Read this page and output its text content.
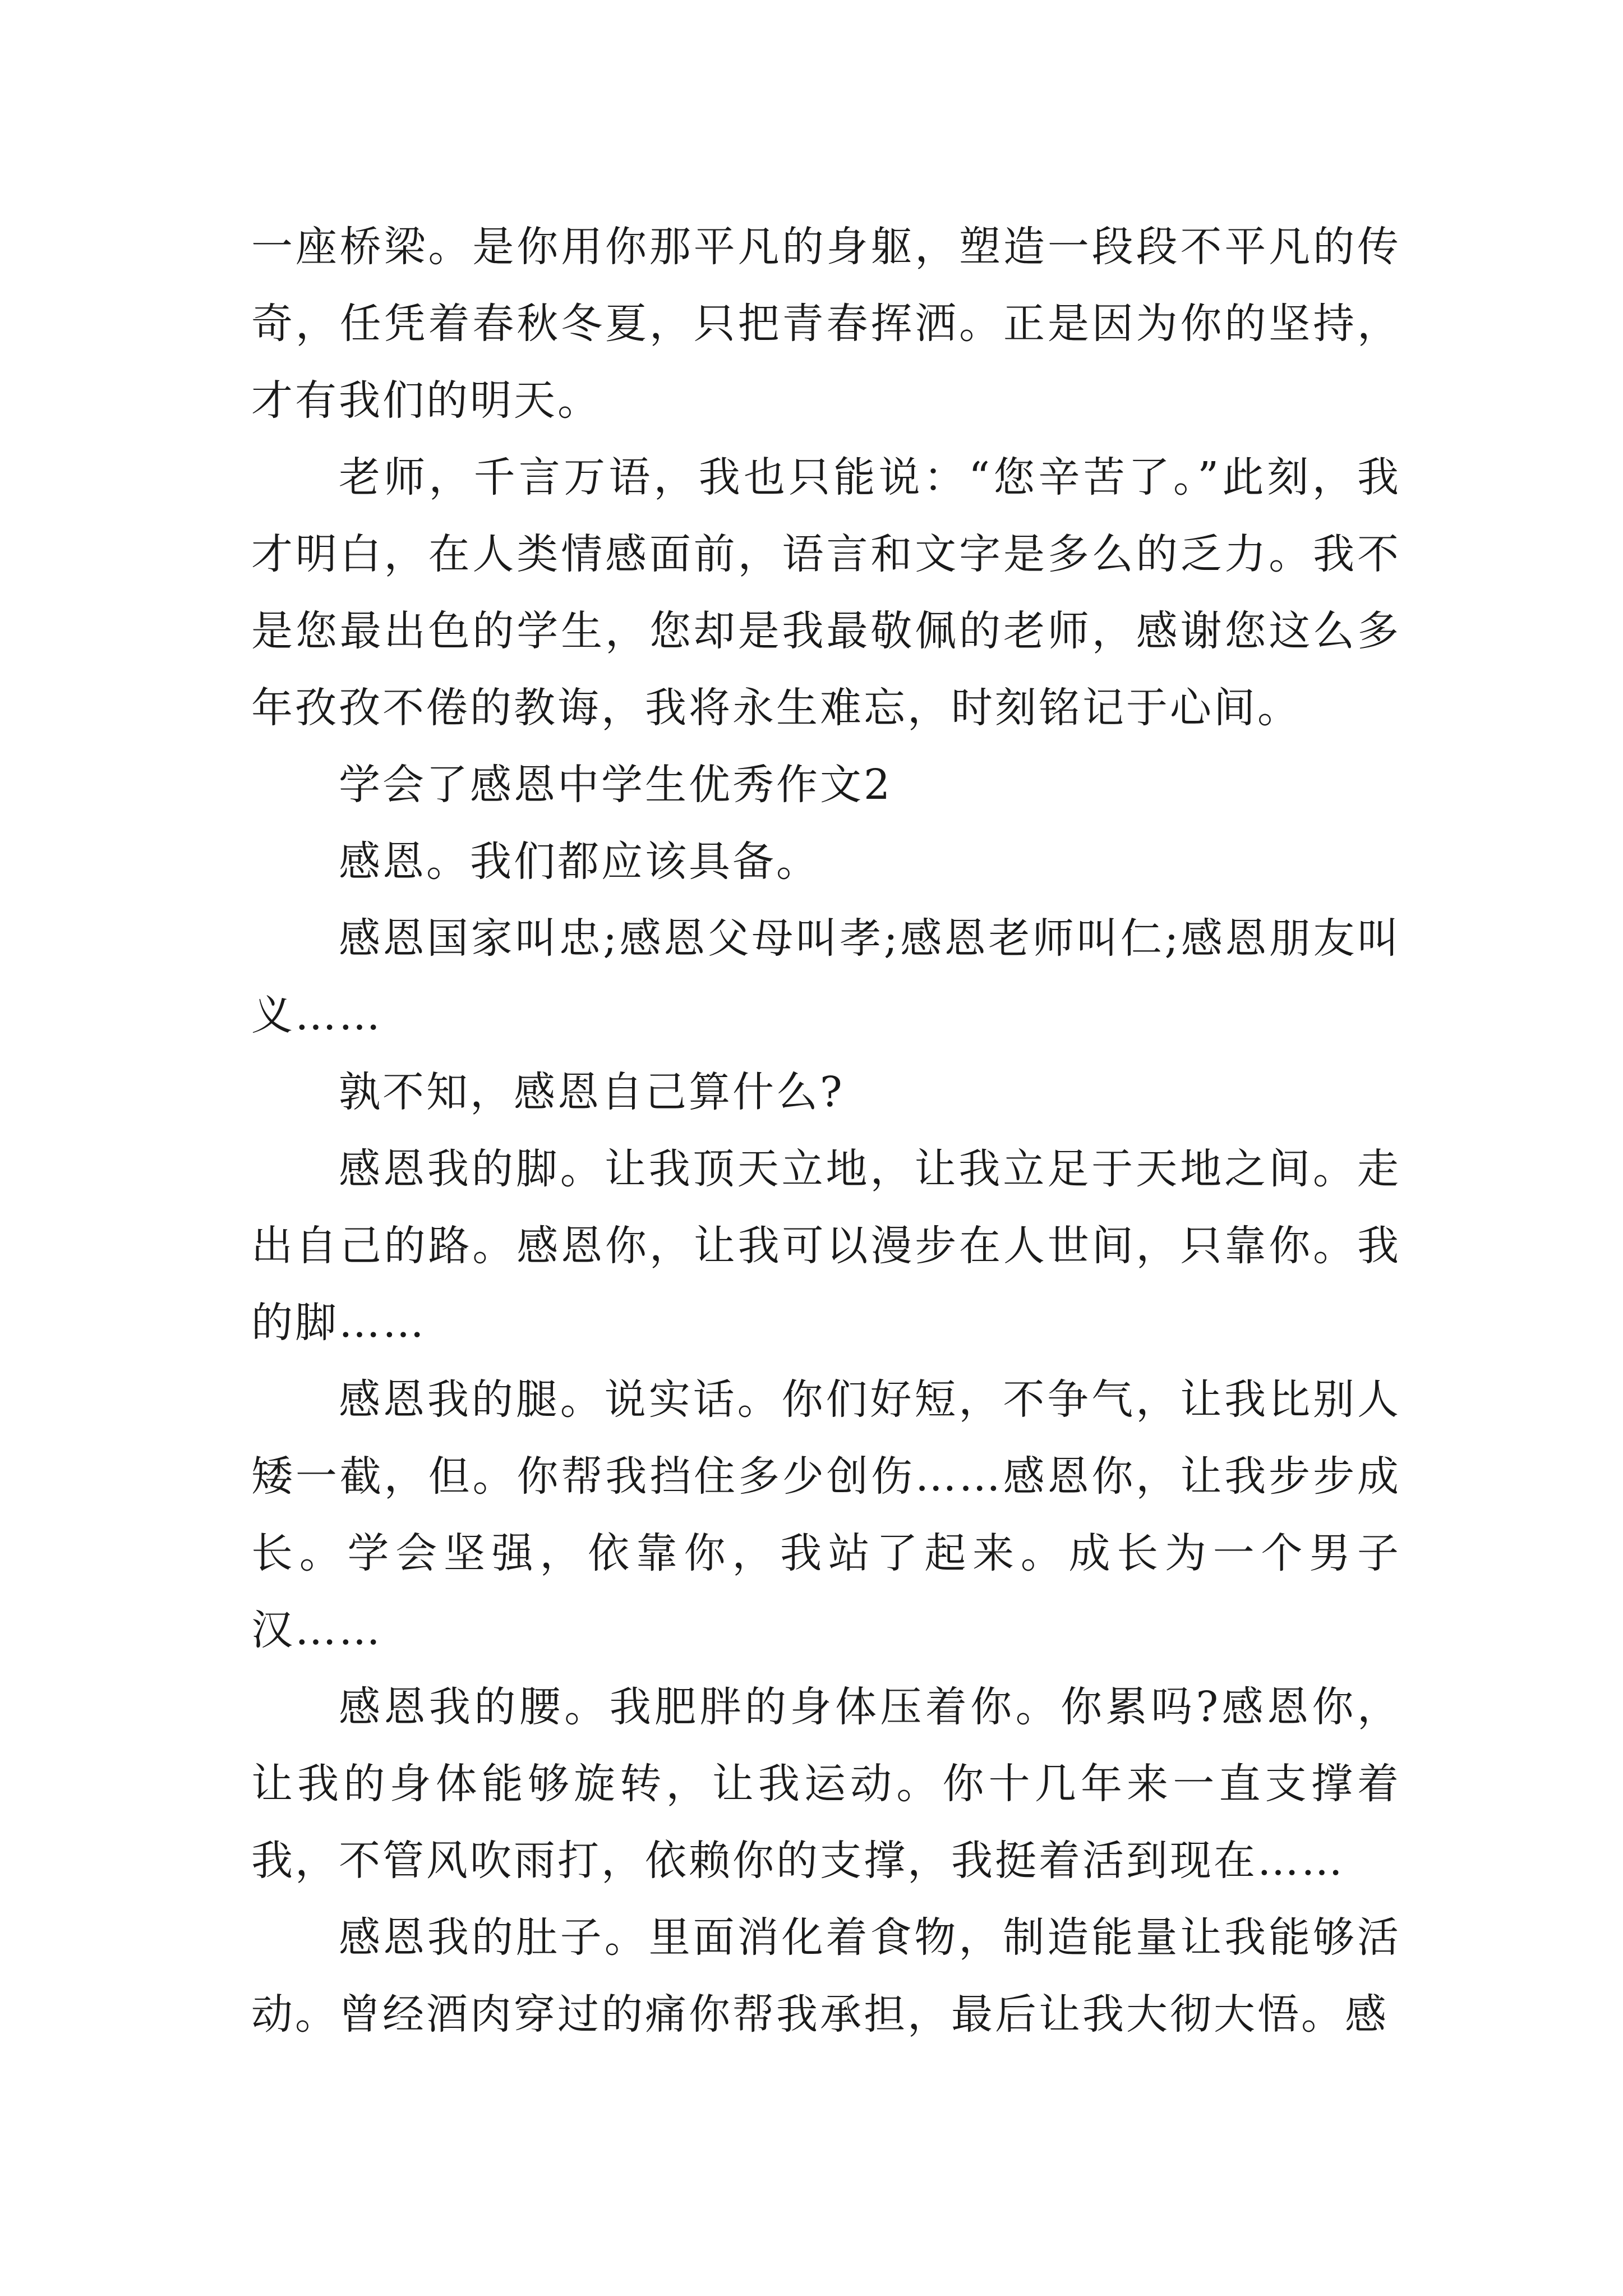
一座桥梁。是你用你那平凡的身躯，塑造一段段不平凡的传奇，任凭着春秋冬夏，只把青春挥洒。正是因为你的坚持，才有我们的明天。

老师，千言万语，我也只能说：“您辛苦了。”此刻，我才明白，在人类情感面前，语言和文字是多么的乏力。我不是您最出色的学生，您却是我最敬佩的老师，感谢您这么多年孜孜不倦的教诲，我将永生难忘，时刻铭记于心间。

学会了感恩中学生优秀作文2

感恩。我们都应该具备。

感恩国家叫忠;感恩父母叫孝;感恩老师叫仁;感恩朋友叫义……

孰不知，感恩自己算什么?

感恩我的脚。让我顶天立地，让我立足于天地之间。走出自己的路。感恩你，让我可以漫步在人世间，只靠你。我的脚……

感恩我的腿。说实话。你们好短，不争气，让我比别人矮一截，但。你帮我挡住多少创伤……感恩你，让我步步成长。学会坚强，依靠你，我站了起来。成长为一个男子汉……

感恩我的腰。我肥胖的身体压着你。你累吗?感恩你，让我的身体能够旋转，让我运动。你十几年来一直支撑着我，不管风吹雨打，依赖你的支撑，我挺着活到现在……

感恩我的肚子。里面消化着食物，制造能量让我能够活动。曾经酒肉穿过的痛你帮我承担，最后让我大彻大悟。感
